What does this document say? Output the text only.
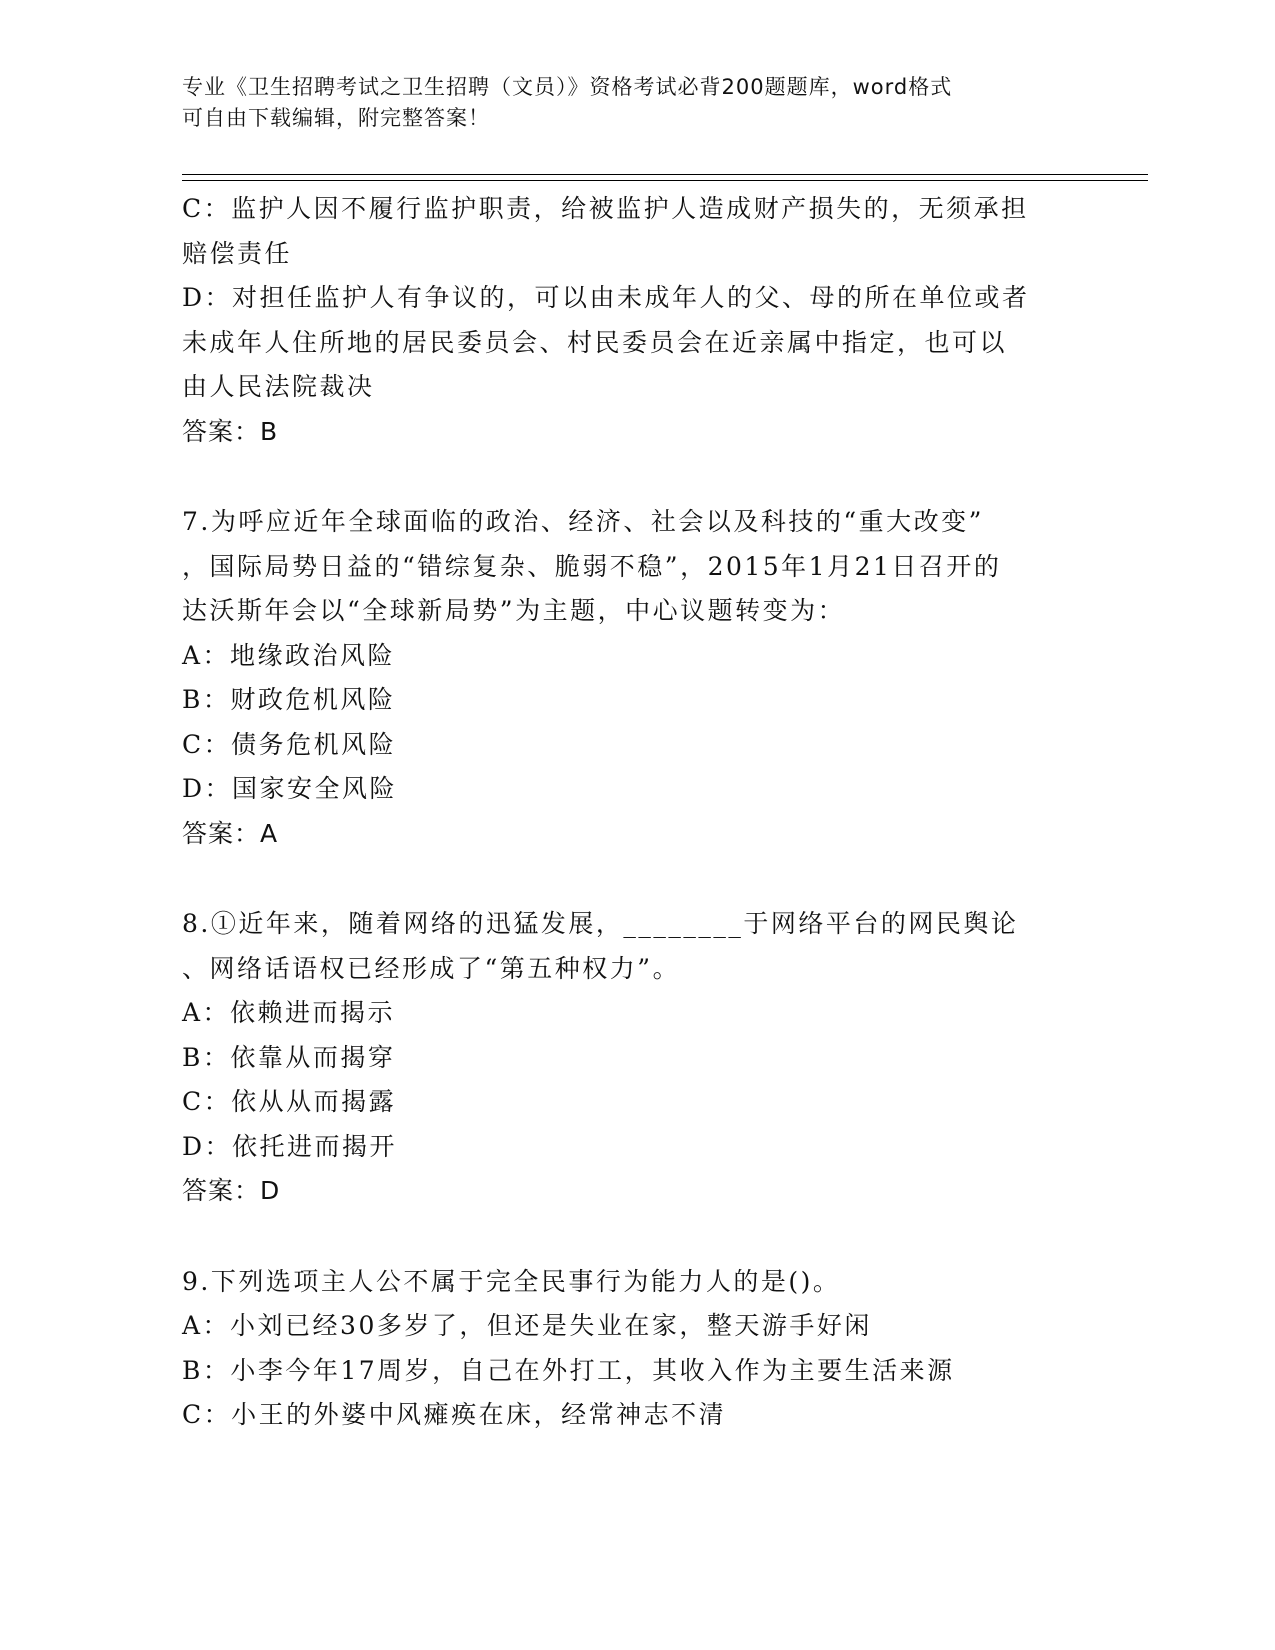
专业《卫生招聘考试之卫生招聘（文员）》资格考试必背200题题库，word格式
可自由下载编辑，附完整答案！
C：监护人因不履行监护职责，给被监护人造成财产损失的，无须承担
赔偿责任
D：对担任监护人有争议的，可以由未成年人的父、母的所在单位或者
未成年人住所地的居民委员会、村民委员会在近亲属中指定，也可以
由人民法院裁决
答案：B
7.为呼应近年全球面临的政治、经济、社会以及科技的“重大改变”
，国际局势日益的“错综复杂、脆弱不稳”，2015年1月21日召开的
达沃斯年会以“全球新局势”为主题，中心议题转变为：
A：地缘政治风险
B：财政危机风险
C：债务危机风险
D：国家安全风险
答案：A
8.①近年来，随着网络的迅猛发展，________于网络平台的网民舆论
、网络话语权已经形成了“第五种权力”。
A：依赖进而揭示
B：依靠从而揭穿
C：依从从而揭露
D：依托进而揭开
答案：D
9.下列选项主人公不属于完全民事行为能力人的是()。
A：小刘已经30多岁了，但还是失业在家，整天游手好闲
B：小李今年17周岁，自己在外打工，其收入作为主要生活来源
C：小王的外婆中风瘫痪在床，经常神志不清
